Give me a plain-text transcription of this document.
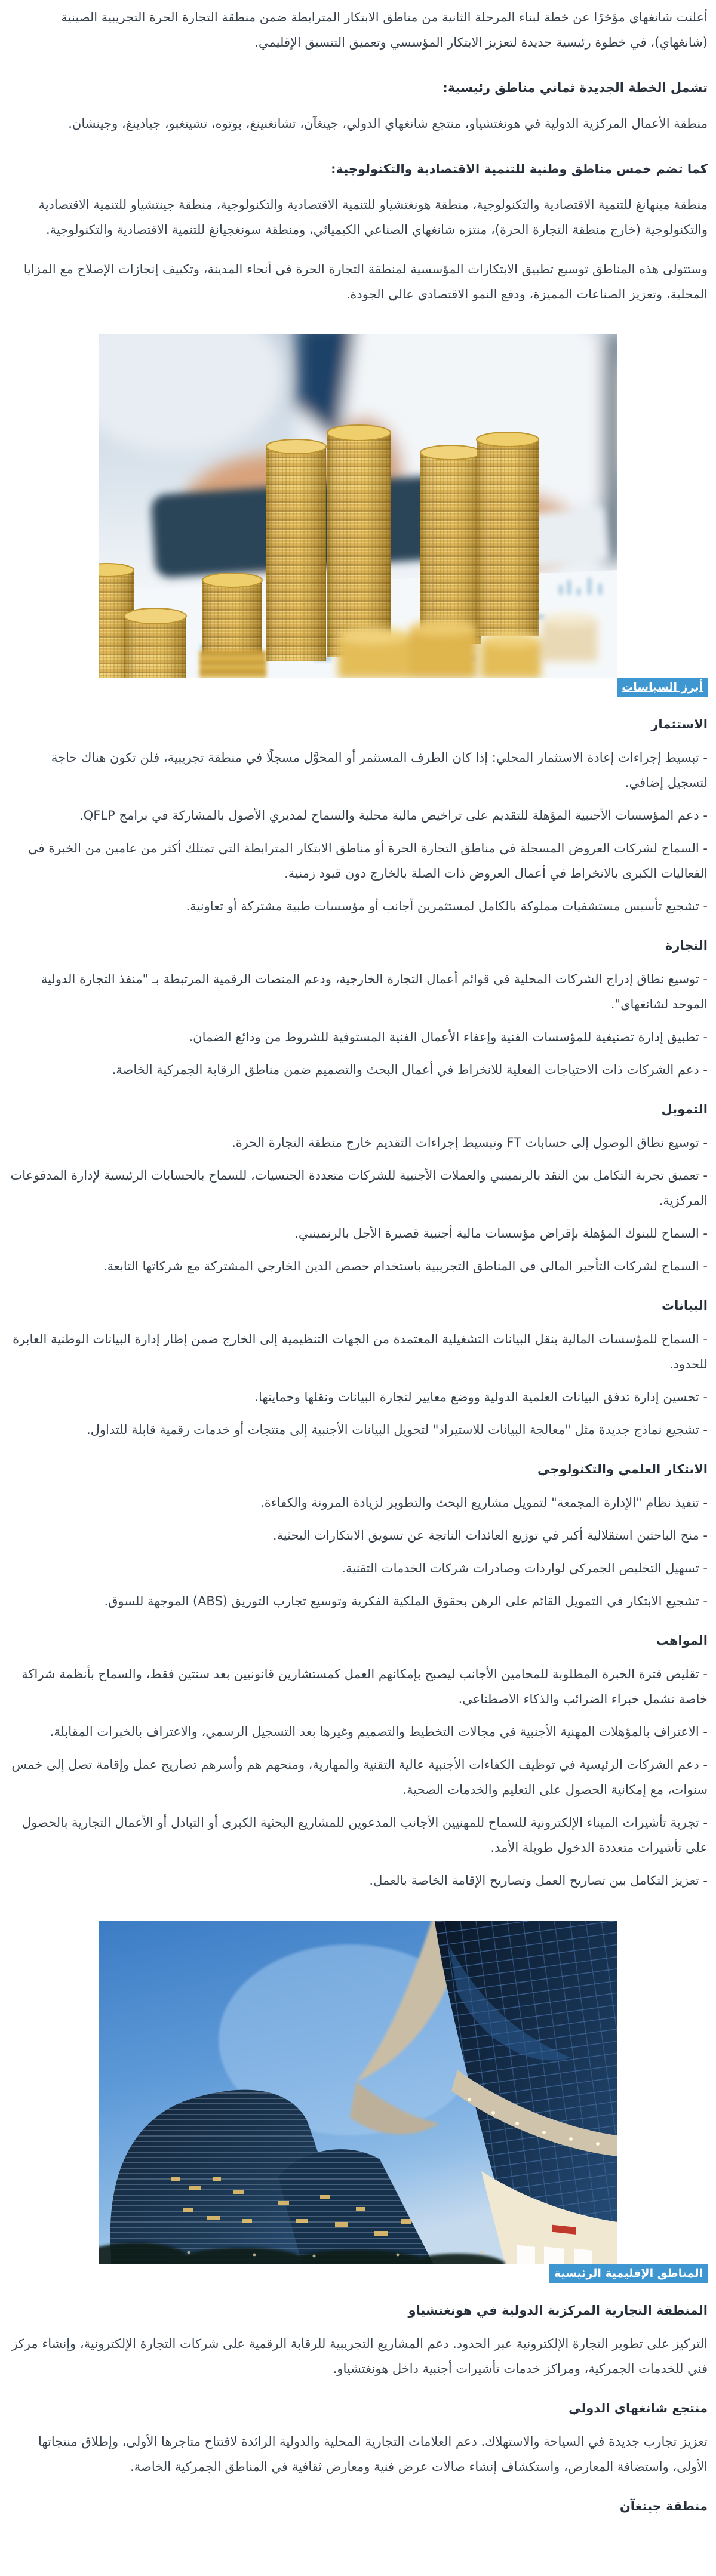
أعلنت شانغهاي مؤخرًا عن خطة لبناء المرحلة الثانية من مناطق الابتكار المترابطة ضمن منطقة التجارة الحرة التجريبية الصينية (شانغهاي)، في خطوة رئيسية جديدة لتعزيز الابتكار المؤسسي وتعميق التنسيق الإقليمي.

تشمل الخطة الجديدة ثماني مناطق رئيسية:

منطقة الأعمال المركزية الدولية في هونغتشياو، منتجع شانغهاي الدولي، جينغآن، تشانغنينغ، بوتوه، تشينغبو، جيادينغ، وجينشان.

كما تضم خمس مناطق وطنية للتنمية الاقتصادية والتكنولوجية:

منطقة مينهانغ للتنمية الاقتصادية والتكنولوجية، منطقة هونغتشياو للتنمية الاقتصادية والتكنولوجية، منطقة جينتشياو للتنمية الاقتصادية والتكنولوجية (خارج منطقة التجارة الحرة)، منتزه شانغهاي الصناعي الكيميائي، ومنطقة سونغجيانغ للتنمية الاقتصادية والتكنولوجية.

وستتولى هذه المناطق توسيع تطبيق الابتكارات المؤسسية لمنطقة التجارة الحرة في أنحاء المدينة، وتكييف إنجازات الإصلاح مع المزايا المحلية، وتعزيز الصناعات المميزة، ودفع النمو الاقتصادي عالي الجودة.

أبرز السياسات
الاستثمار

- تبسيط إجراءات إعادة الاستثمار المحلي: إذا كان الطرف المستثمر أو المحوَّل مسجلًا في منطقة تجريبية، فلن تكون هناك حاجة لتسجيل إضافي.

- دعم المؤسسات الأجنبية المؤهلة للتقديم على تراخيص مالية محلية والسماح لمديري الأصول بالمشاركة في برامج QFLP.

- السماح لشركات العروض المسجلة في مناطق التجارة الحرة أو مناطق الابتكار المترابطة التي تمتلك أكثر من عامين من الخبرة في الفعاليات الكبرى بالانخراط في أعمال العروض ذات الصلة بالخارج دون قيود زمنية.

- تشجيع تأسيس مستشفيات مملوكة بالكامل لمستثمرين أجانب أو مؤسسات طبية مشتركة أو تعاونية.

التجارة

- توسيع نطاق إدراج الشركات المحلية في قوائم أعمال التجارة الخارجية، ودعم المنصات الرقمية المرتبطة بـ "منفذ التجارة الدولية الموحد لشانغهاي".

- تطبيق إدارة تصنيفية للمؤسسات الفنية وإعفاء الأعمال الفنية المستوفية للشروط من ودائع الضمان.

- دعم الشركات ذات الاحتياجات الفعلية للانخراط في أعمال البحث والتصميم ضمن مناطق الرقابة الجمركية الخاصة.

التمويل

- توسيع نطاق الوصول إلى حسابات FT وتبسيط إجراءات التقديم خارج منطقة التجارة الحرة.

- تعميق تجربة التكامل بين النقد بالرنمينبي والعملات الأجنبية للشركات متعددة الجنسيات، للسماح بالحسابات الرئيسية لإدارة المدفوعات المركزية.

- السماح للبنوك المؤهلة بإقراض مؤسسات مالية أجنبية قصيرة الأجل بالرنمينبي.

- السماح لشركات التأجير المالي في المناطق التجريبية باستخدام حصص الدين الخارجي المشتركة مع شركاتها التابعة.

البيانات

- السماح للمؤسسات المالية بنقل البيانات التشغيلية المعتمدة من الجهات التنظيمية إلى الخارج ضمن إطار إدارة البيانات الوطنية العابرة للحدود.

- تحسين إدارة تدفق البيانات العلمية الدولية ووضع معايير لتجارة البيانات ونقلها وحمايتها.

- تشجيع نماذج جديدة مثل "معالجة البيانات للاستيراد" لتحويل البيانات الأجنبية إلى منتجات أو خدمات رقمية قابلة للتداول.

الابتكار العلمي والتكنولوجي

- تنفيذ نظام "الإدارة المجمعة" لتمويل مشاريع البحث والتطوير لزيادة المرونة والكفاءة.

- منح الباحثين استقلالية أكبر في توزيع العائدات الناتجة عن تسويق الابتكارات البحثية.

- تسهيل التخليص الجمركي لواردات وصادرات شركات الخدمات التقنية.

- تشجيع الابتكار في التمويل القائم على الرهن بحقوق الملكية الفكرية وتوسيع تجارب التوريق (ABS) الموجهة للسوق.

المواهب

- تقليص فترة الخبرة المطلوبة للمحامين الأجانب ليصبح بإمكانهم العمل كمستشارين قانونيين بعد سنتين فقط، والسماح بأنظمة شراكة خاصة تشمل خبراء الضرائب والذكاء الاصطناعي.

- الاعتراف بالمؤهلات المهنية الأجنبية في مجالات التخطيط والتصميم وغيرها بعد التسجيل الرسمي، والاعتراف بالخبرات المقابلة.

- دعم الشركات الرئيسية في توظيف الكفاءات الأجنبية عالية التقنية والمهارية، ومنحهم هم وأسرهم تصاريح عمل وإقامة تصل إلى خمس سنوات، مع إمكانية الحصول على التعليم والخدمات الصحية.

- تجربة تأشيرات الميناء الإلكترونية للسماح للمهنيين الأجانب المدعوين للمشاريع البحثية الكبرى أو التبادل أو الأعمال التجارية بالحصول على تأشيرات متعددة الدخول طويلة الأمد.

- تعزيز التكامل بين تصاريح العمل وتصاريح الإقامة الخاصة بالعمل.

المناطق الإقليمية الرئيسية
المنطقة التجارية المركزية الدولية في هونغتشياو

التركيز على تطوير التجارة الإلكترونية عبر الحدود. دعم المشاريع التجريبية للرقابة الرقمية على شركات التجارة الإلكترونية، وإنشاء مركز فني للخدمات الجمركية، ومراكز خدمات تأشيرات أجنبية داخل هونغتشياو.

منتجع شانغهاي الدولي

تعزيز تجارب جديدة في السياحة والاستهلاك. دعم العلامات التجارية المحلية والدولية الرائدة لافتتاح متاجرها الأولى، وإطلاق منتجاتها الأولى، واستضافة المعارض، واستكشاف إنشاء صالات عرض فنية ومعارض ثقافية في المناطق الجمركية الخاصة.

منطقة جينغآن
